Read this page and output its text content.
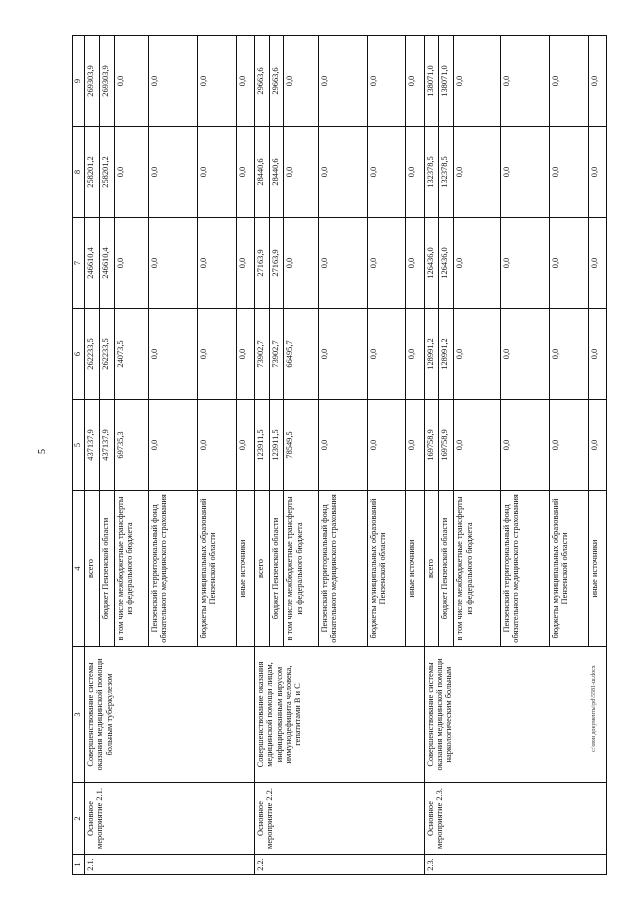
5
с:\мои документы\pd\5581-ш.docx
1	2	3	4	5	6	7	8	9
2.1.	Основное мероприятие 2.1.	Совершенствование системы оказания медицинской помощи больным туберкулезом	всего	437137,9	262233,5	246610,4	258201,2	269303,9
			бюджет Пензенской области	437137,9	262233,5	246610,4	258201,2	269303,9
			в том числе межбюджетные трансферты из федерального бюджета	69735,3	24073,5	0,0	0,0	0,0
			Пензенский территориальный фонд обязательного медицинского страхования	0,0	0,0	0,0	0,0	0,0
			бюджеты муниципальных образований Пензенской области	0,0	0,0	0,0	0,0	0,0
			иные источники	0,0	0,0	0,0	0,0	0,0
2.2.	Основное мероприятие 2.2.	Совершенствование оказания медицинской помощи лицам, инфицированным вирусом иммунодефицита человека, гепатитами B и C	всего	123911,5	73902,7	27163,9	28440,6	29663,6
			бюджет Пензенской области	123911,5	73902,7	27163,9	28440,6	29663,6
			в том числе межбюджетные трансферты из федерального бюджета	78549,5	66495,7	0,0	0,0	0,0
			Пензенский территориальный фонд обязательного медицинского страхования	0,0	0,0	0,0	0,0	0,0
			бюджеты муниципальных образований Пензенской области	0,0	0,0	0,0	0,0	0,0
			иные источники	0,0	0,0	0,0	0,0	0,0
2.3.	Основное мероприятие 2.3.	Совершенствование системы оказания медицинской помощи наркологическим больным	всего	169758,9	128991,2	126436,0	132378,5	138071,0
			бюджет Пензенской области	169758,9	128991,2	126436,0	132378,5	138071,0
			в том числе межбюджетные трансферты из федерального бюджета	0,0	0,0	0,0	0,0	0,0
			Пензенский территориальный фонд обязательного медицинского страхования	0,0	0,0	0,0	0,0	0,0
			бюджеты муниципальных образований Пензенской области	0,0	0,0	0,0	0,0	0,0
			иные источники	0,0	0,0	0,0	0,0	0,0
